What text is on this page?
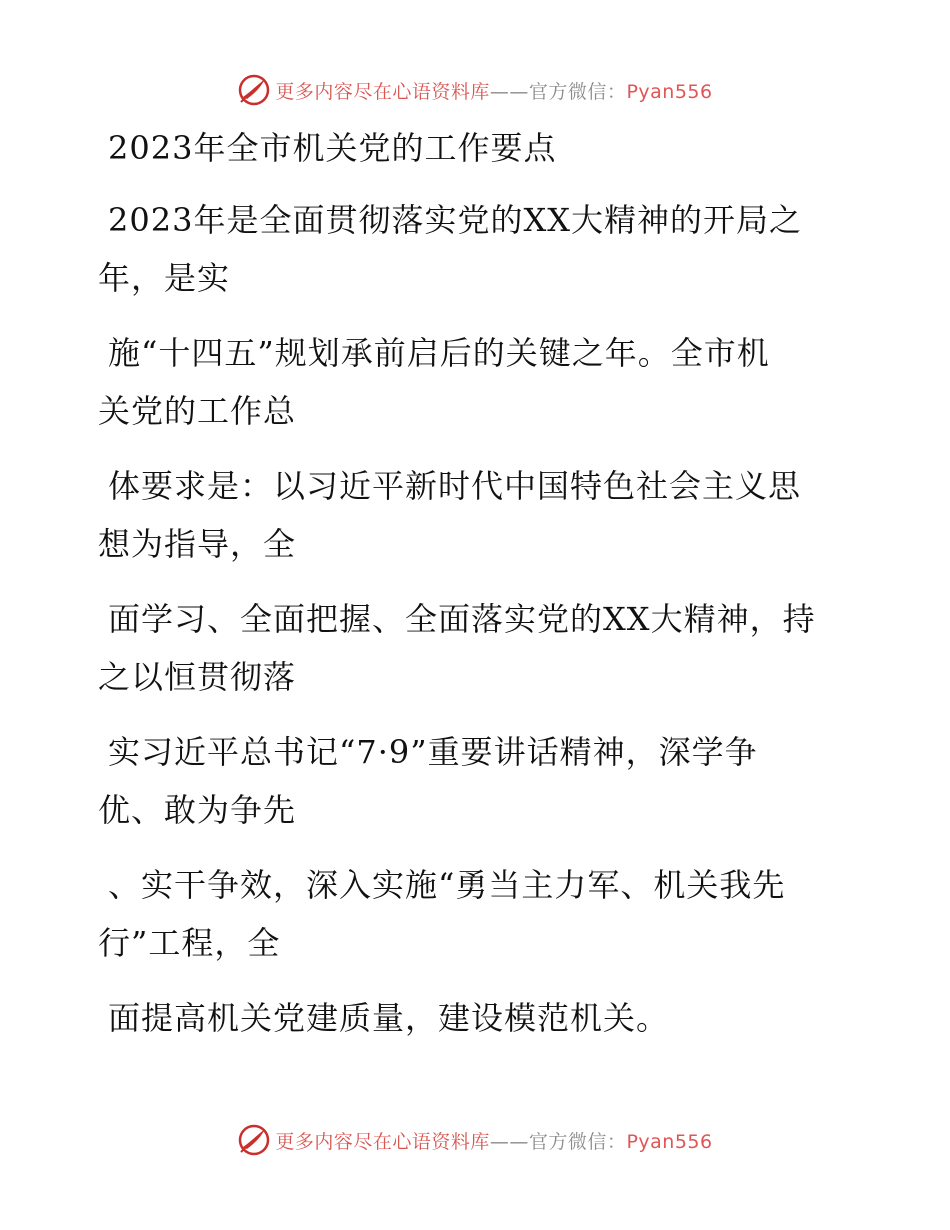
更多内容尽在心语资料库——官方微信：Pyan556
2023年全市机关党的工作要点
2023年是全面贯彻落实党的XX大精神的开局之
年，是实
施“十四五”规划承前启后的关键之年。全市机
关党的工作总
体要求是：以习近平新时代中国特色社会主义思
想为指导，全
面学习、全面把握、全面落实党的XX大精神，持
之以恒贯彻落
实习近平总书记“7·9”重要讲话精神，深学争
优、敢为争先
、实干争效，深入实施“勇当主力军、机关我先
行”工程，全
面提高机关党建质量，建设模范机关。
更多内容尽在心语资料库——官方微信：Pyan556
